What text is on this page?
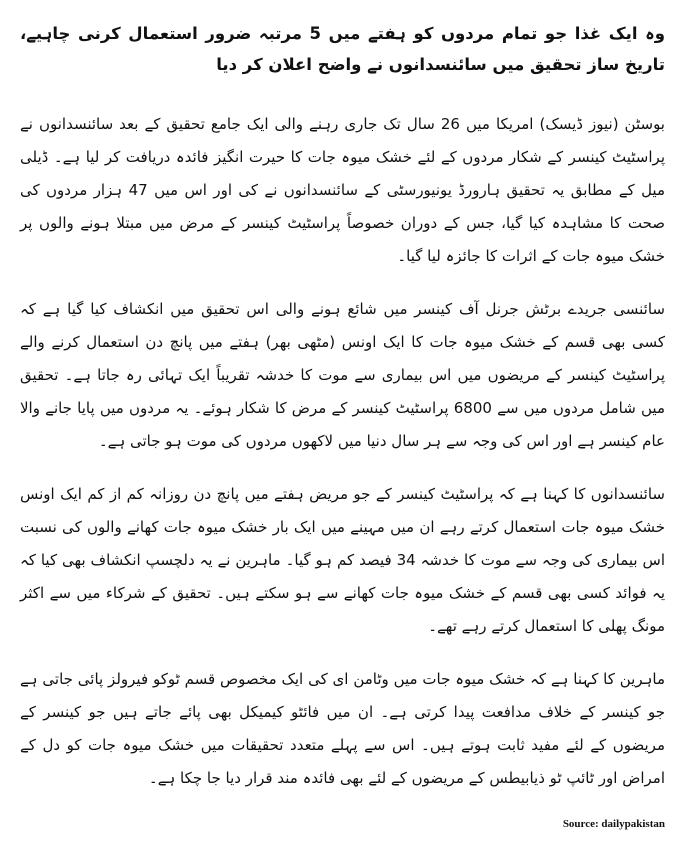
وہ ایک غذا جو تمام مردوں کو ہفتے میں 5 مرتبہ ضرور استعمال کرنی چاہیے، تاریخ ساز تحقیق میں سائنسدانوں نے واضح اعلان کر دیا
بوسٹن (نیوز ڈیسک) امریکا میں 26 سال تک جاری رہنے والی ایک جامع تحقیق کے بعد سائنسدانوں نے پراسٹیٹ کینسر کے شکار مردوں کے لئے خشک میوہ جات کا حیرت انگیز فائدہ دریافت کر لیا ہے۔ ڈیلی میل کے مطابق یہ تحقیق ہارورڈ یونیورسٹی کے سائنسدانوں نے کی اور اس میں 47 ہزار مردوں کی صحت کا مشاہدہ کیا گیا، جس کے دوران خصوصاً پراسٹیٹ کینسر کے مرض میں مبتلا ہونے والوں پر خشک میوہ جات کے اثرات کا جائزہ لیا گیا۔
سائنسی جریدے برٹش جرنل آف کینسر میں شائع ہونے والی اس تحقیق میں انکشاف کیا گیا ہے کہ کسی بھی قسم کے خشک میوہ جات کا ایک اونس (مٹھی بھر) ہفتے میں پانچ دن استعمال کرنے والے پراسٹیٹ کینسر کے مریضوں میں اس بیماری سے موت کا خدشہ تقریباً ایک تہائی رہ جاتا ہے۔ تحقیق میں شامل مردوں میں سے 6800 پراسٹیٹ کینسر کے مرض کا شکار ہوئے۔ یہ مردوں میں پایا جانے والا عام کینسر ہے اور اس کی وجہ سے ہر سال دنیا میں لاکھوں مردوں کی موت ہو جاتی ہے۔
سائنسدانوں کا کہنا ہے کہ پراسٹیٹ کینسر کے جو مریض ہفتے میں پانچ دن روزانہ کم از کم ایک اونس خشک میوہ جات استعمال کرتے رہے ان میں مہینے میں ایک بار خشک میوہ جات کھانے والوں کی نسبت اس بیماری کی وجہ سے موت کا خدشہ 34 فیصد کم ہو گیا۔ ماہرین نے یہ دلچسپ انکشاف بھی کیا کہ یہ فوائد کسی بھی قسم کے خشک میوہ جات کھانے سے ہو سکتے ہیں۔ تحقیق کے شرکاء میں سے اکثر مونگ پھلی کا استعمال کرتے رہے تھے۔
ماہرین کا کہنا ہے کہ خشک میوہ جات میں وٹامن ای کی ایک مخصوص قسم ٹوکو فیرولز پائی جاتی ہے جو کینسر کے خلاف مدافعت پیدا کرتی ہے۔ ان میں فائٹو کیمیکل بھی پائے جاتے ہیں جو کینسر کے مریضوں کے لئے مفید ثابت ہوتے ہیں۔ اس سے پہلے متعدد تحقیقات میں خشک میوہ جات کو دل کے امراض اور ٹائپ ٹو ذیابیطس کے مریضوں کے لئے بھی فائدہ مند قرار دیا جا چکا ہے۔
Source: dailypakistan
